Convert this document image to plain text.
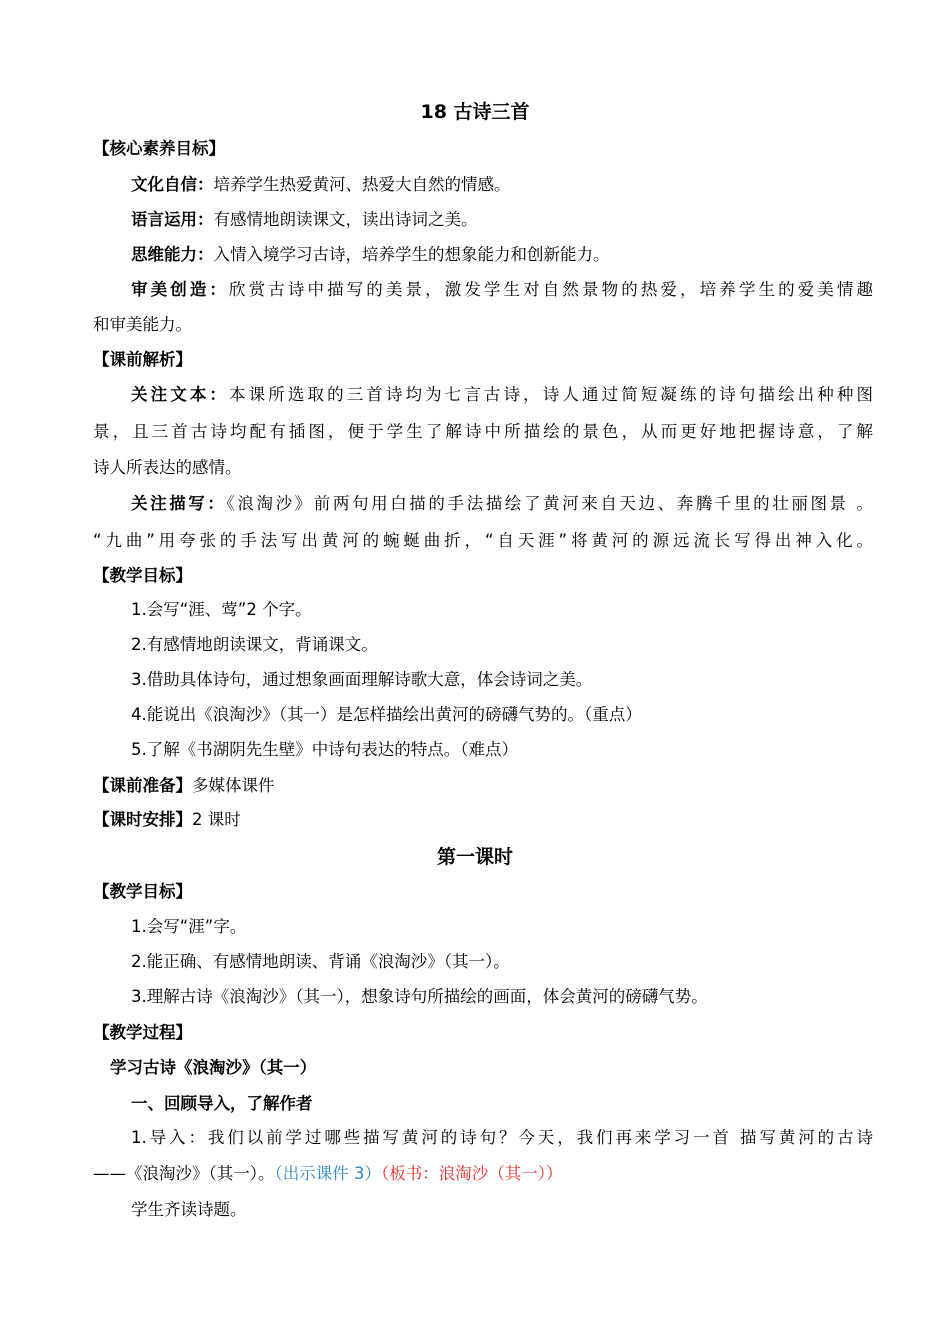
18 古诗三首
【核心素养目标】
文化自信：培养学生热爱黄河、热爱大自然的情感。
语言运用：有感情地朗读课文，读出诗词之美。
思维能力：入情入境学习古诗，培养学生的想象能力和创新能力。
审美创造：欣赏古诗中描写的美景，激发学生对自然景物的热爱，培养学生的爱美情趣
和审美能力。
【课前解析】
关注文本：本课所选取的三首诗均为七言古诗，诗人通过简短凝练的诗句描绘出种种图
景，且三首古诗均配有插图，便于学生了解诗中所描绘的景色，从而更好地把握诗意，了解
诗人所表达的感情。
关注描写：《浪淘沙》前两句用白描的手法描绘了黄河来自天边、奔腾千里的壮丽图景 。
“九曲”用夸张的手法写出黄河的蜿蜒曲折，“自天涯”将黄河的源远流长写得出神入化。
【教学目标】
1.会写“涯、莺”2 个字。
2.有感情地朗读课文，背诵课文。
3.借助具体诗句，通过想象画面理解诗歌大意，体会诗词之美。
4.能说出《浪淘沙》（其一）是怎样描绘出黄河的磅礴气势的。（重点）
5.了解《书湖阴先生壁》中诗句表达的特点。（难点）
【课前准备】多媒体课件
【课时安排】2 课时
第一课时
【教学目标】
1.会写“涯”字。
2.能正确、有感情地朗读、背诵《浪淘沙》（其一）。
3.理解古诗《浪淘沙》（其一），想象诗句所描绘的画面，体会黄河的磅礴气势。
【教学过程】
学习古诗《浪淘沙》（其一）
一、回顾导入，了解作者
1.导入：我们以前学过哪些描写黄河的诗句？今天，我们再来学习一首 描写黄河的古诗
——《浪淘沙》（其一）。（出示课件 3）（板书：浪淘沙（其一））
学生齐读诗题。
